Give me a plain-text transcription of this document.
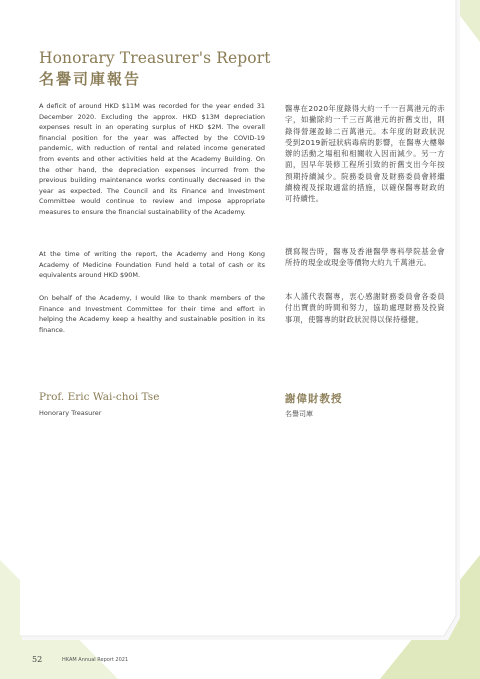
Honorary Treasurer's Report
名譽司庫報告

A deficit of around HKD $11M was recorded for the year ended 31 December 2020. Excluding the approx. HKD $13M depreciation expenses result in an operating surplus of HKD $2M. The overall financial position for the year was affected by the COVID-19 pandemic, with reduction of rental and related income generated from events and other activities held at the Academy Building. On the other hand, the depreciation expenses incurred from the previous building maintenance works continually decreased in the year as expected. The Council and its Finance and Investment Committee would continue to review and impose appropriate measures to ensure the financial sustainability of the Academy.

At the time of writing the report, the Academy and Hong Kong Academy of Medicine Foundation Fund held a total of cash or its equivalents around HKD $90M.

On behalf of the Academy, I would like to thank members of the Finance and Investment Committee for their time and effort in helping the Academy keep a healthy and sustainable position in its finance.

醫專在2020年度錄得大約一千一百萬港元的赤字，如撇除約一千三百萬港元的折舊支出，則錄得營運盈餘二百萬港元。本年度的財政狀況受到2019新冠狀病毒病的影響，在醫專大樓舉辦的活動之場租和相關收入因而減少。另一方面，因早年裝修工程所引致的折舊支出今年按預期持續減少。院務委員會及財務委員會將繼續檢視及採取適當的措施，以確保醫專財政的可持續性。

撰寫報告時，醫專及香港醫學專科學院基金會所持的現金或現金等價物大約九千萬港元。

本人謹代表醫專，衷心感謝財務委員會各委員付出寶貴的時間和努力，協助處理財務及投資事項，使醫專的財政狀況得以保持穩健。

Prof. Eric Wai-choi Tse
Honorary Treasurer
謝偉財教授
名譽司庫
52	HKAM Annual Report 2021
